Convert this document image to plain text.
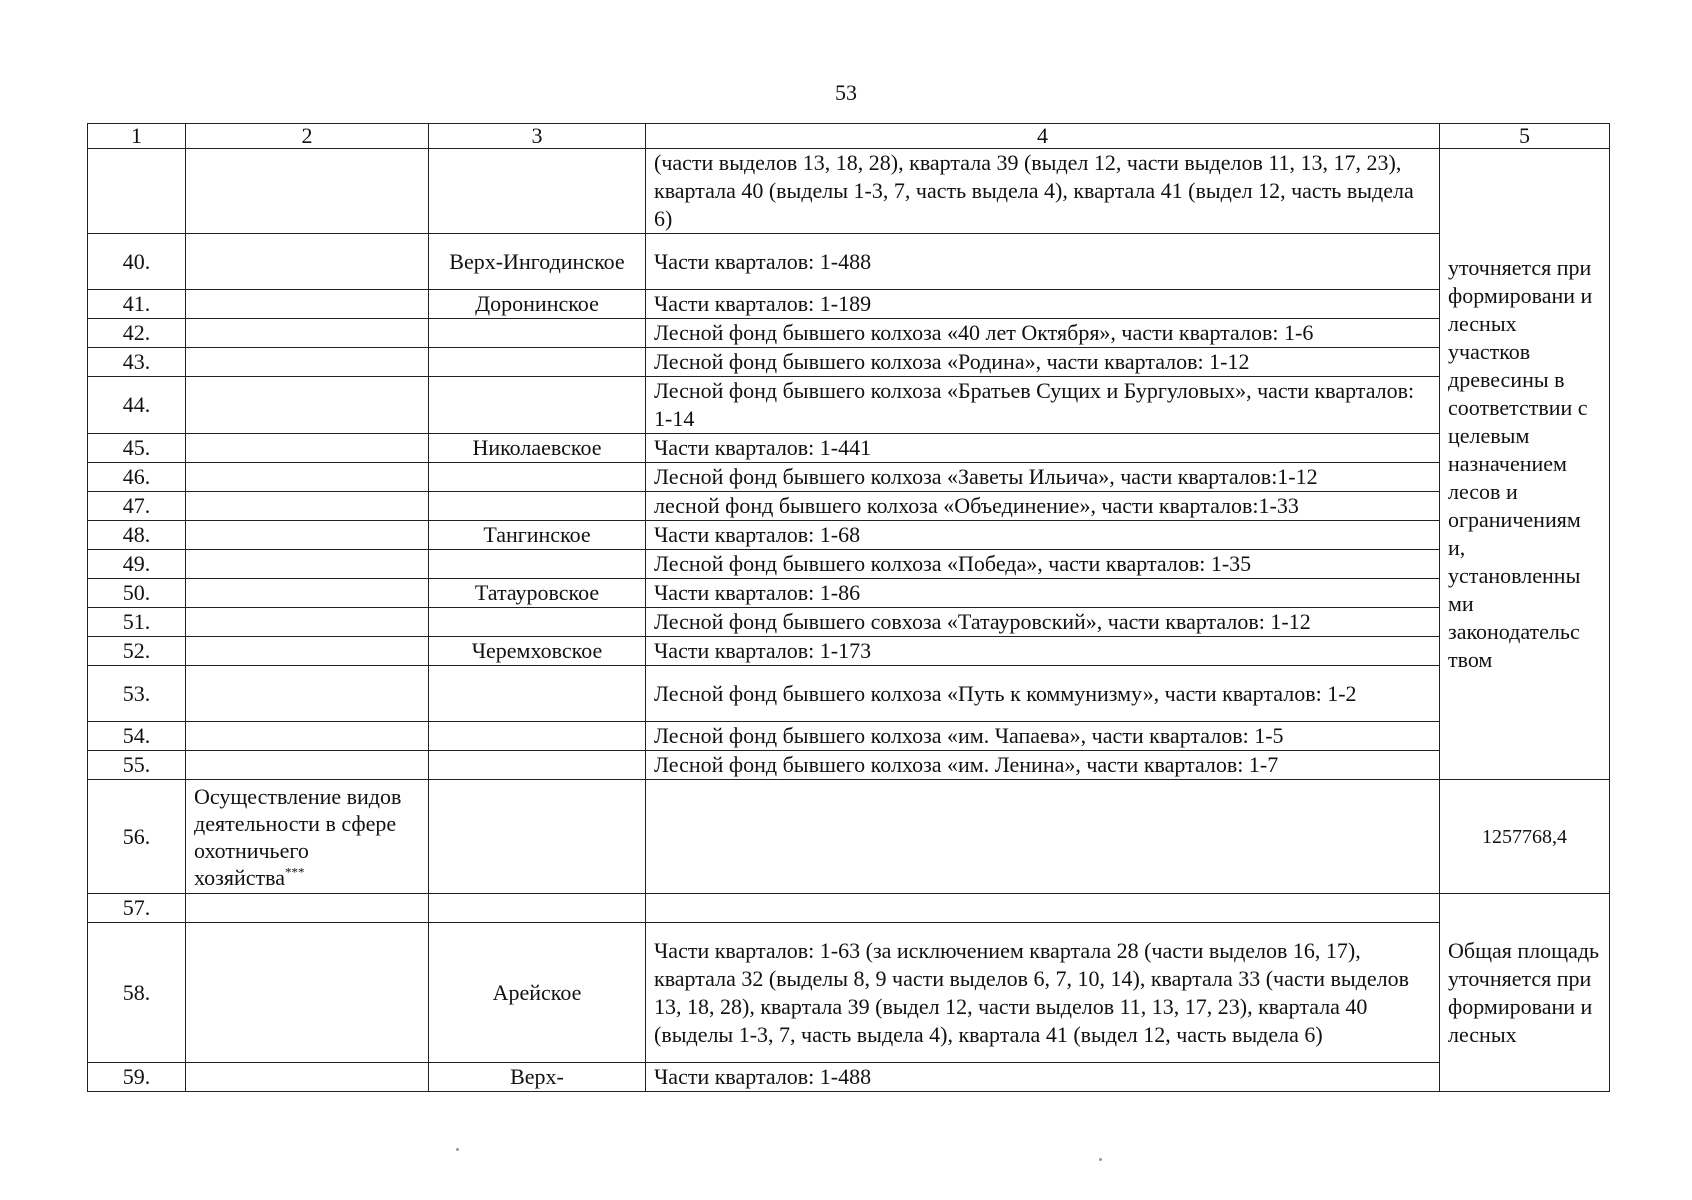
53
1	2	3	4	5
			(части выделов 13, 18, 28), квартала 39 (выдел 12, части выделов 11, 13, 17, 23), квартала 40 (выделы 1-3, 7, часть выдела 4), квартала 41 (выдел 12, часть выдела 6)	уточняется при формировани и лесных участков древесины в соответствии с целевым назначением лесов и ограничениям и, установленны ми законодательс твом
40.		Верх-Ингодинское	Части кварталов: 1-488	
41.		Доронинское	Части кварталов: 1-189	
42.			Лесной фонд бывшего колхоза «40 лет Октября», части кварталов: 1-6	
43.			Лесной фонд бывшего колхоза «Родина», части кварталов: 1-12	
44.			Лесной фонд бывшего колхоза «Братьев Сущих и Бургуловых», части кварталов: 1-14	
45.		Николаевское	Части кварталов: 1-441	
46.			Лесной фонд бывшего колхоза «Заветы Ильича», части кварталов:1-12	
47.			лесной фонд бывшего колхоза «Объединение», части кварталов:1-33	
48.		Тангинское	Части кварталов: 1-68	
49.			Лесной фонд бывшего колхоза «Победа», части кварталов: 1-35	
50.		Татауровское	Части кварталов: 1-86	
51.			Лесной фонд бывшего совхоза «Татауровский», части кварталов: 1-12	
52.		Черемховское	Части кварталов: 1-173	
53.			Лесной фонд бывшего колхоза «Путь к коммунизму», части кварталов: 1-2	
54.			Лесной фонд бывшего колхоза «им. Чапаева», части кварталов: 1-5	
55.			Лесной фонд бывшего колхоза «им. Ленина», части кварталов: 1-7	
56.	Осуществление видов деятельности в сфере охотничьего хозяйства***			1257768,4
57.				Общая площадь уточняется при формировани и лесных
58.		Арейское	Части кварталов: 1-63 (за исключением квартала 28 (части выделов 16, 17), квартала 32 (выделы 8, 9 части выделов 6, 7, 10, 14), квартала 33 (части выделов 13, 18, 28), квартала 39 (выдел 12, части выделов 11, 13, 17, 23), квартала 40 (выделы 1-3, 7, часть выдела 4), квартала 41 (выдел 12, часть выдела 6)	
59.		Верх-	Части кварталов: 1-488	
